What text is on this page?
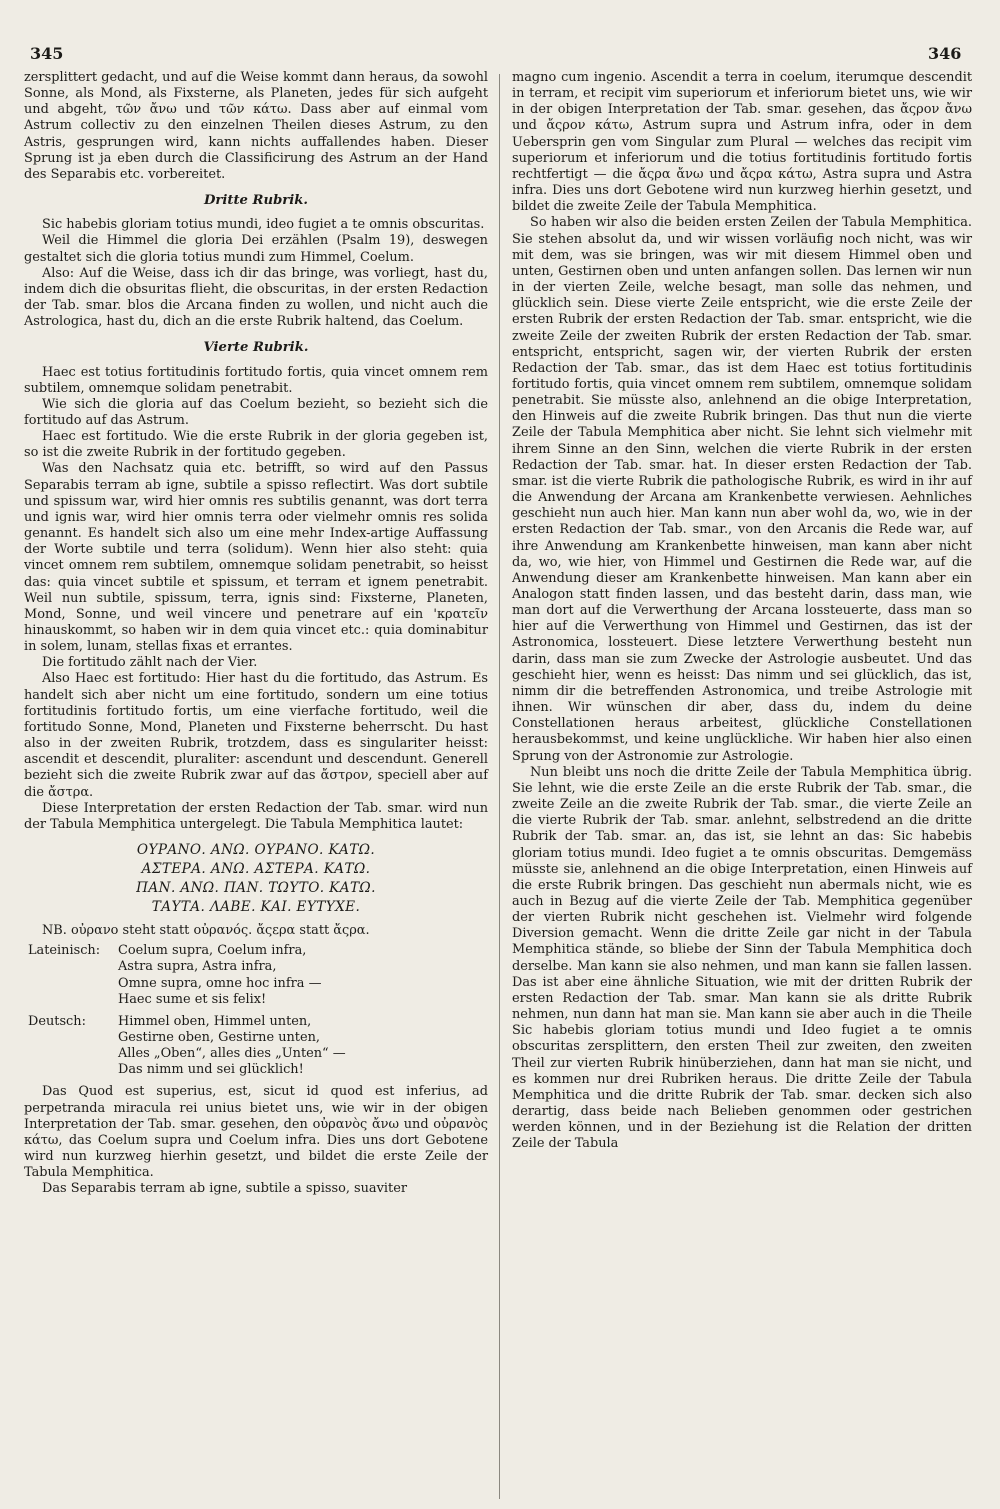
345	346

zersplittert gedacht, und auf die Weise kommt dann heraus, da sowohl Sonne, als Mond, als Fixsterne, als Planeten, jedes für sich aufgeht und abgeht, τῶν ἄνω und τῶν κάτω. Dass aber auf einmal vom Astrum collectiv zu den einzelnen Theilen dieses Astrum, zu den Astris, gesprungen wird, kann nichts auffallendes haben. Dieser Sprung ist ja eben durch die Classificirung des Astrum an der Hand des Separabis etc. vorbereitet.

Dritte Rubrik.

Sic habebis gloriam totius mundi, ideo fugiet a te omnis obscuritas.

Weil die Himmel die gloria Dei erzählen (Psalm 19), deswegen gestaltet sich die gloria totius mundi zum Himmel, Coelum.

Also: Auf die Weise, dass ich dir das bringe, was vorliegt, hast du, indem dich die obsuritas flieht, die obscuritas, in der ersten Redaction der Tab. smar. blos die Arcana finden zu wollen, und nicht auch die Astrologica, hast du, dich an die erste Rubrik haltend, das Coelum.

Vierte Rubrik.

Haec est totius fortitudinis fortitudo fortis, quia vincet omnem rem subtilem, omnemque solidam penetrabit.

Wie sich die gloria auf das Coelum bezieht, so bezieht sich die fortitudo auf das Astrum.

Haec est fortitudo. Wie die erste Rubrik in der gloria gegeben ist, so ist die zweite Rubrik in der fortitudo gegeben.

Was den Nachsatz quia etc. betrifft, so wird auf den Passus Separabis terram ab igne, subtile a spisso reflectirt. Was dort subtile und spissum war, wird hier omnis res subtilis genannt, was dort terra und ignis war, wird hier omnis terra oder vielmehr omnis res solida genannt. Es handelt sich also um eine mehr Index-artige Auffassung der Worte subtile und terra (solidum). Wenn hier also steht: quia vincet omnem rem subtilem, omnemque solidam penetrabit, so heisst das: quia vincet subtile et spissum, et terram et ignem penetrabit. Weil nun subtile, spissum, terra, ignis sind: Fixsterne, Planeten, Mond, Sonne, und weil vincere und penetrare auf ein 'κρατεῖν hinauskommt, so haben wir in dem quia vincet etc.: quia dominabitur in solem, lunam, stellas fixas et errantes.

Die fortitudo zählt nach der Vier.

Also Haec est fortitudo: Hier hast du die fortitudo, das Astrum. Es handelt sich aber nicht um eine fortitudo, sondern um eine totius fortitudinis fortitudo fortis, um eine vierfache fortitudo, weil die fortitudo Sonne, Mond, Planeten und Fixsterne beherrscht. Du hast also in der zweiten Rubrik, trotzdem, dass es singulariter heisst: ascendit et descendit, pluraliter: ascendunt und descendunt. Generell bezieht sich die zweite Rubrik zwar auf das ἄστρον, speciell aber auf die ἄστρα.

Diese Interpretation der ersten Redaction der Tab. smar. wird nun der Tabula Memphitica untergelegt. Die Tabula Memphitica lautet:

ΟΥΡΑΝΟ. ΑΝΩ. ΟΥΡΑΝΟ. ΚΑΤΩ.
ΑΣΤΕΡΑ. ΑΝΩ. ΑΣΤΕΡΑ. ΚΑΤΩ.
ΠΑΝ. ΑΝΩ. ΠΑΝ. ΤΩΥΤΟ. ΚΑΤΩ.
ΤΑΥΤΑ. ΛΑΒΕ. ΚΑΙ. ΕΥΤΥΧΕ.

NB. οὐρανο steht statt οὐρανός. ἄςερα statt ἄςρα.

Lateinisch:	Coelum supra, Coelum infra,
Astra supra, Astra infra,
Omne supra, omne hoc infra —
Haec sume et sis felix!
Deutsch:	Himmel oben, Himmel unten,
Gestirne oben, Gestirne unten,
Alles „Oben“, alles dies „Unten“ —
Das nimm und sei glücklich!

Das Quod est superius, est, sicut id quod est inferius, ad perpetranda miracula rei unius bietet uns, wie wir in der obigen Interpretation der Tab. smar. gesehen, den οὐρανὸς ἄνω und οὐρανὸς κάτω, das Coelum supra und Coelum infra. Dies uns dort Gebotene wird nun kurzweg hierhin gesetzt, und bildet die erste Zeile der Tabula Memphitica.

Das Separabis terram ab igne, subtile a spisso, suaviter

magno cum ingenio. Ascendit a terra in coelum, iterumque descendit in terram, et recipit vim superiorum et inferiorum bietet uns, wie wir in der obigen Interpretation der Tab. smar. gesehen, das ἄςρον ἄνω und ἄςρον κάτω, Astrum supra und Astrum infra, oder in dem Uebersprin gen vom Singular zum Plural — welches das recipit vim superiorum et inferiorum und die totius fortitudinis fortitudo fortis rechtfertigt — die ἄςρα ἄνω und ἄςρα κάτω, Astra supra und Astra infra. Dies uns dort Gebotene wird nun kurzweg hierhin gesetzt, und bildet die zweite Zeile der Tabula Memphitica.

So haben wir also die beiden ersten Zeilen der Tabula Memphitica. Sie stehen absolut da, und wir wissen vorläufig noch nicht, was wir mit dem, was sie bringen, was wir mit diesem Himmel oben und unten, Gestirnen oben und unten anfangen sollen. Das lernen wir nun in der vierten Zeile, welche besagt, man solle das nehmen, und glücklich sein. Diese vierte Zeile entspricht, wie die erste Zeile der ersten Rubrik der ersten Redaction der Tab. smar. entspricht, wie die zweite Zeile der zweiten Rubrik der ersten Redaction der Tab. smar. entspricht, entspricht, sagen wir, der vierten Rubrik der ersten Redaction der Tab. smar., das ist dem Haec est totius fortitudinis fortitudo fortis, quia vincet omnem rem subtilem, omnemque solidam penetrabit. Sie müsste also, anlehnend an die obige Interpretation, den Hinweis auf die zweite Rubrik bringen. Das thut nun die vierte Zeile der Tabula Memphitica aber nicht. Sie lehnt sich vielmehr mit ihrem Sinne an den Sinn, welchen die vierte Rubrik in der ersten Redaction der Tab. smar. hat. In dieser ersten Redaction der Tab. smar. ist die vierte Rubrik die pathologische Rubrik, es wird in ihr auf die Anwendung der Arcana am Krankenbette verwiesen. Aehnliches geschieht nun auch hier. Man kann nun aber wohl da, wo, wie in der ersten Redaction der Tab. smar., von den Arcanis die Rede war, auf ihre Anwendung am Krankenbette hinweisen, man kann aber nicht da, wo, wie hier, von Himmel und Gestirnen die Rede war, auf die Anwendung dieser am Krankenbette hinweisen. Man kann aber ein Analogon statt finden lassen, und das besteht darin, dass man, wie man dort auf die Verwerthung der Arcana lossteuerte, dass man so hier auf die Verwerthung von Himmel und Gestirnen, das ist der Astronomica, lossteuert. Diese letztere Verwerthung besteht nun darin, dass man sie zum Zwecke der Astrologie ausbeutet. Und das geschieht hier, wenn es heisst: Das nimm und sei glücklich, das ist, nimm dir die betreffenden Astronomica, und treibe Astrologie mit ihnen. Wir wünschen dir aber, dass du, indem du deine Constellationen heraus arbeitest, glückliche Constellationen herausbekommst, und keine unglückliche. Wir haben hier also einen Sprung von der Astronomie zur Astrologie.

Nun bleibt uns noch die dritte Zeile der Tabula Memphitica übrig. Sie lehnt, wie die erste Zeile an die erste Rubrik der Tab. smar., die zweite Zeile an die zweite Rubrik der Tab. smar., die vierte Zeile an die vierte Rubrik der Tab. smar. anlehnt, selbstredend an die dritte Rubrik der Tab. smar. an, das ist, sie lehnt an das: Sic habebis gloriam totius mundi. Ideo fugiet a te omnis obscuritas. Demgemäss müsste sie, anlehnend an die obige Interpretation, einen Hinweis auf die erste Rubrik bringen. Das geschieht nun abermals nicht, wie es auch in Bezug auf die vierte Zeile der Tab. Memphitica gegenüber der vierten Rubrik nicht geschehen ist. Vielmehr wird folgende Diversion gemacht. Wenn die dritte Zeile gar nicht in der Tabula Memphitica stände, so bliebe der Sinn der Tabula Memphitica doch derselbe. Man kann sie also nehmen, und man kann sie fallen lassen. Das ist aber eine ähnliche Situation, wie mit der dritten Rubrik der ersten Redaction der Tab. smar. Man kann sie als dritte Rubrik nehmen, nun dann hat man sie. Man kann sie aber auch in die Theile Sic habebis gloriam totius mundi und Ideo fugiet a te omnis obscuritas zersplittern, den ersten Theil zur zweiten, den zweiten Theil zur vierten Rubrik hinüberziehen, dann hat man sie nicht, und es kommen nur drei Rubriken heraus. Die dritte Zeile der Tabula Memphitica und die dritte Rubrik der Tab. smar. decken sich also derartig, dass beide nach Belieben genommen oder gestrichen werden können, und in der Beziehung ist die Relation der dritten Zeile der Tabula
